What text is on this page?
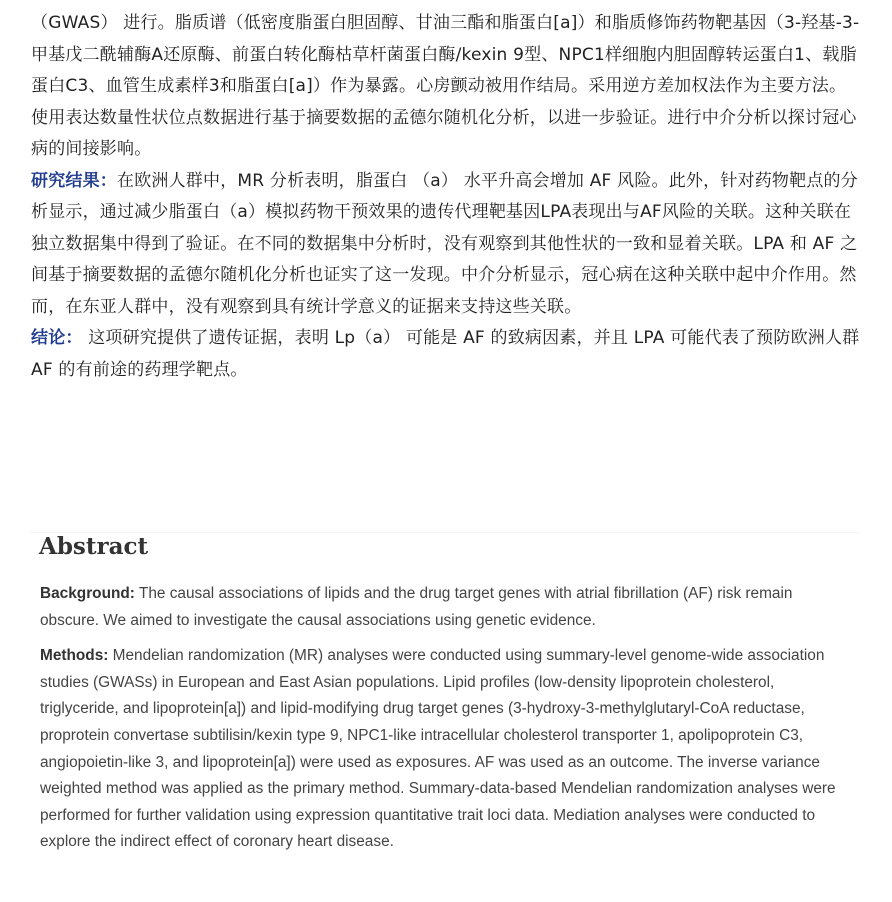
（GWAS） 进行。脂质谱（低密度脂蛋白胆固醇、甘油三酯和脂蛋白[a]）和脂质修饰药物靶基因（3-羟基-3-甲基戊二酰辅酶A还原酶、前蛋白转化酶枯草杆菌蛋白酶/kexin 9型、NPC1样细胞内胆固醇转运蛋白1、载脂蛋白C3、血管生成素样3和脂蛋白[a]）作为暴露。心房颤动被用作结局。采用逆方差加权法作为主要方法。使用表达数量性状位点数据进行基于摘要数据的孟德尔随机化分析，以进一步验证。进行中介分析以探讨冠心病的间接影响。

研究结果：在欧洲人群中，MR 分析表明，脂蛋白 （a） 水平升高会增加 AF 风险。此外，针对药物靶点的分析显示，通过减少脂蛋白（a）模拟药物干预效果的遗传代理靶基因LPA表现出与AF风险的关联。这种关联在独立数据集中得到了验证。在不同的数据集中分析时，没有观察到其他性状的一致和显着关联。LPA 和 AF 之间基于摘要数据的孟德尔随机化分析也证实了这一发现。中介分析显示，冠心病在这种关联中起中介作用。然而，在东亚人群中，没有观察到具有统计学意义的证据来支持这些关联。

结论： 这项研究提供了遗传证据，表明 Lp（a） 可能是 AF 的致病因素，并且 LPA 可能代表了预防欧洲人群 AF 的有前途的药理学靶点。

Abstract

Background: The causal associations of lipids and the drug target genes with atrial fibrillation (AF) risk remain obscure. We aimed to investigate the causal associations using genetic evidence.

Methods: Mendelian randomization (MR) analyses were conducted using summary-level genome-wide association studies (GWASs) in European and East Asian populations. Lipid profiles (low-density lipoprotein cholesterol, triglyceride, and lipoprotein[a]) and lipid-modifying drug target genes (3-hydroxy-3-methylglutaryl-CoA reductase, proprotein convertase subtilisin/kexin type 9, NPC1-like intracellular cholesterol transporter 1, apolipoprotein C3, angiopoietin-like 3, and lipoprotein[a]) were used as exposures. AF was used as an outcome. The inverse variance weighted method was applied as the primary method. Summary-data-based Mendelian randomization analyses were performed for further validation using expression quantitative trait loci data. Mediation analyses were conducted to explore the indirect effect of coronary heart disease.
